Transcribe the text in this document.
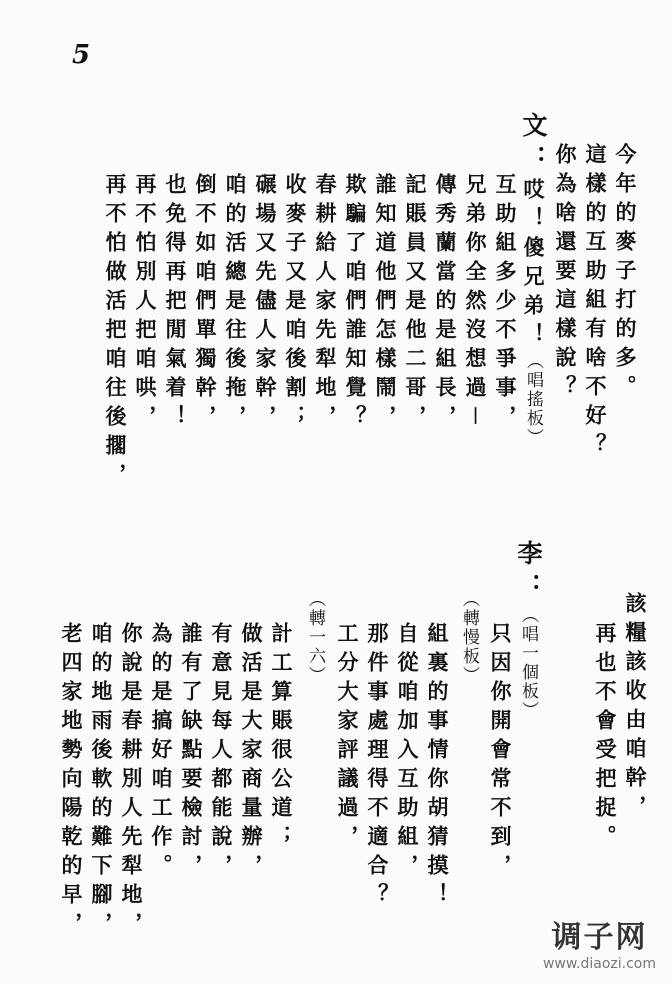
5
今年的麥子打的多。
這樣的互助組有啥不好？
你為啥還要這樣說？
文：哎！傻兄弟！（唱搖板）
互助組多少不爭事，
兄弟你全然沒想過－
傳秀蘭當的是組長，
記賬員又是他二哥，
誰知道他們怎樣鬧，
欺騙了咱們誰知覺？
春耕給人家先犁地，
收麥子又是咱後割；
碾場又先儘人家幹，
咱的活總是往後拖，
倒不如咱們單獨幹，
也免得再把閒氣着！
再不怕別人把咱哄，
再不怕做活把咱往後擱，
該糧該收由咱幹，
再也不會受把捉。
李：（唱一個板）
只因你開會常不到，
（轉慢板）
組裏的事情你胡猜摸！
自從咱加入互助組，
那件事處理得不適合？
工分大家評議過，
（轉一六）
計工算賬很公道；
做活是大家商量辦，
有意見每人都能說，
誰有了缺點要檢討，
為的是搞好咱工作。
你說是春耕別人先犁地，
咱的地雨後軟的難下腳，
老四家地勢向陽乾的早，	调子网
www.diaozi.com
